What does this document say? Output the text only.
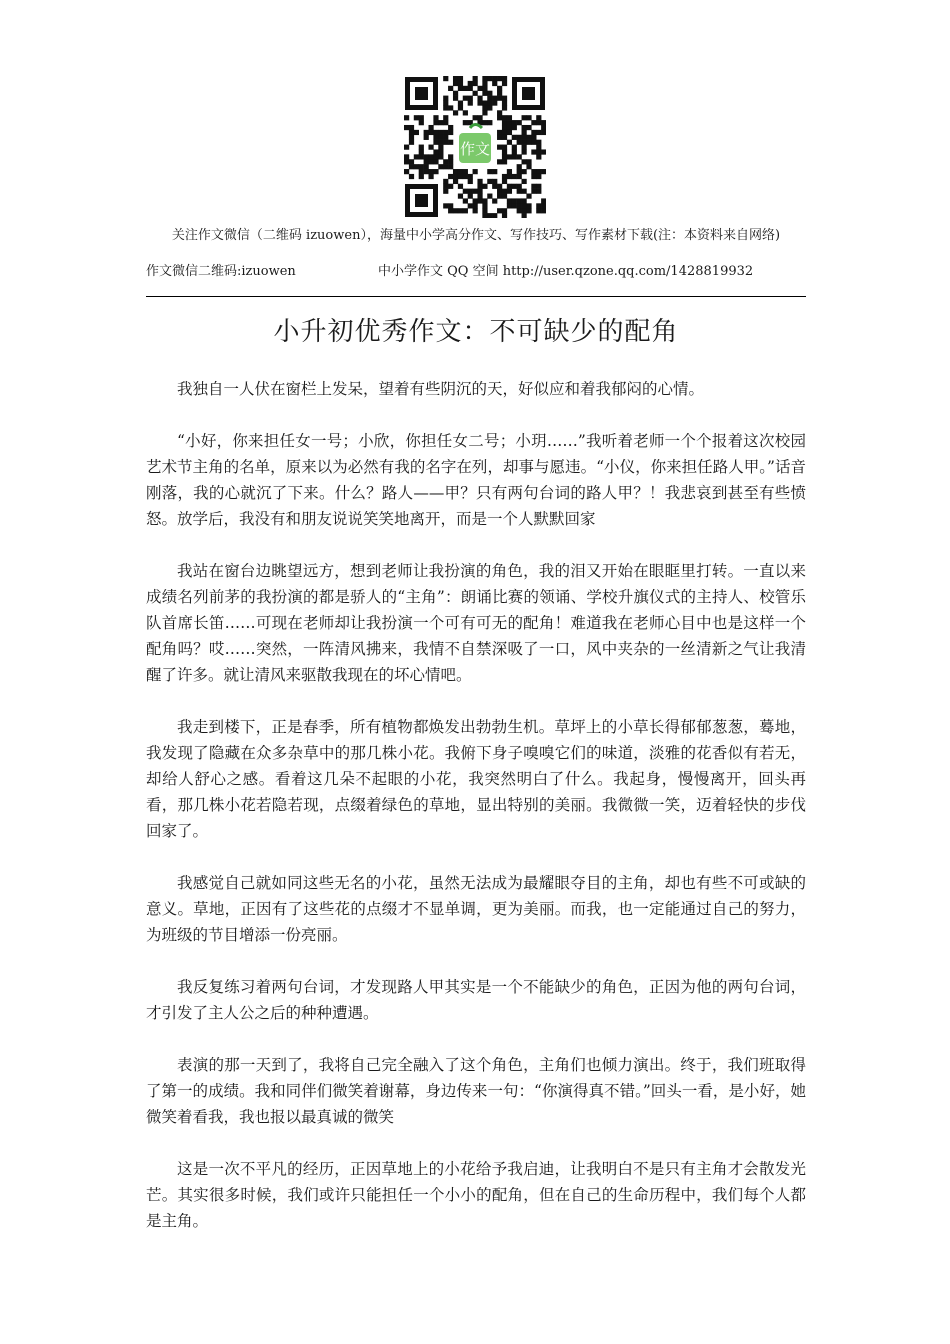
作文
关注作文微信（二维码 izuowen），海量中小学高分作文、写作技巧、写作素材下载(注：本资料来自网络)
作文微信二维码:izuowen	中小学作文 QQ 空间 http://user.qzone.qq.com/1428819932
小升初优秀作文：不可缺少的配角

我独自一人伏在窗栏上发呆，望着有些阴沉的天，好似应和着我郁闷的心情。

“小好，你来担任女一号；小欣，你担任女二号；小玥……”我听着老师一个个报着这次校园艺术节主角的名单，原来以为必然有我的名字在列，却事与愿违。“小仪，你来担任路人甲。”话音刚落，我的心就沉了下来。什么？路人——甲？只有两句台词的路人甲？！我悲哀到甚至有些愤怒。放学后，我没有和朋友说说笑笑地离开，而是一个人默默回家

我站在窗台边眺望远方，想到老师让我扮演的角色，我的泪又开始在眼眶里打转。一直以来成绩名列前茅的我扮演的都是骄人的“主角”：朗诵比赛的领诵、学校升旗仪式的主持人、校管乐队首席长笛……可现在老师却让我扮演一个可有可无的配角！难道我在老师心目中也是这样一个配角吗？哎……突然，一阵清风拂来，我情不自禁深吸了一口，风中夹杂的一丝清新之气让我清醒了许多。就让清风来驱散我现在的坏心情吧。

我走到楼下，正是春季，所有植物都焕发出勃勃生机。草坪上的小草长得郁郁葱葱，蓦地，我发现了隐藏在众多杂草中的那几株小花。我俯下身子嗅嗅它们的味道，淡雅的花香似有若无，却给人舒心之感。看着这几朵不起眼的小花，我突然明白了什么。我起身，慢慢离开，回头再看，那几株小花若隐若现，点缀着绿色的草地，显出特别的美丽。我微微一笑，迈着轻快的步伐回家了。

我感觉自己就如同这些无名的小花，虽然无法成为最耀眼夺目的主角，却也有些不可或缺的意义。草地，正因有了这些花的点缀才不显单调，更为美丽。而我，也一定能通过自己的努力，为班级的节目增添一份亮丽。

我反复练习着两句台词，才发现路人甲其实是一个不能缺少的角色，正因为他的两句台词，才引发了主人公之后的种种遭遇。

表演的那一天到了，我将自己完全融入了这个角色，主角们也倾力演出。终于，我们班取得了第一的成绩。我和同伴们微笑着谢幕，身边传来一句：“你演得真不错。”回头一看，是小好，她微笑着看我，我也报以最真诚的微笑

这是一次不平凡的经历，正因草地上的小花给予我启迪，让我明白不是只有主角才会散发光芒。其实很多时候，我们或许只能担任一个小小的配角，但在自己的生命历程中，我们每个人都是主角。
